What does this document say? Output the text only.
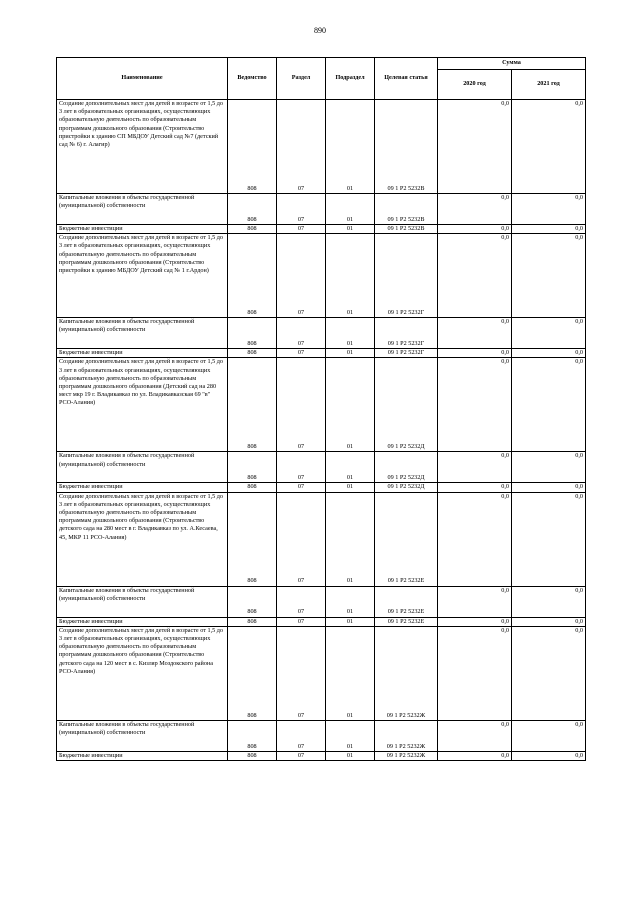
890
Наименование	Ведомство	Раздел	Подраздел	Целевая статья	Сумма	
					2020 год	2021 год
Создание дополнительных мест для детей в возрасте от 1,5 до 3 лет в образовательных организациях, осуществляющих образовательную деятельность по образовательным программам дошкольного образования (Строительство пристройки к зданию СП МБДОУ Детский сад №7 (детский сад № 6) г. Алагир)	808	07	01	09 1 P2 5232В	0,0	0,0
Капитальные вложения в объекты государственной (муниципальной) собственности	808	07	01	09 1 P2 5232В	0,0	0,0
Бюджетные инвестиции	808	07	01	09 1 P2 5232В	0,0	0,0
Создание дополнительных мест для детей в возрасте от 1,5 до 3 лет в образовательных организациях, осуществляющих образовательную деятельность по образовательным программам дошкольного образования (Строительство пристройки к зданию МБДОУ Детский сад № 1 г.Ардон)	808	07	01	09 1 P2 5232Г	0,0	0,0
Капитальные вложения в объекты государственной (муниципальной) собственности	808	07	01	09 1 P2 5232Г	0,0	0,0
Бюджетные инвестиции	808	07	01	09 1 P2 5232Г	0,0	0,0
Создание дополнительных мест для детей в возрасте от 1,5 до 3 лет в образовательных организациях, осуществляющих образовательную деятельность по образовательным программам дошкольного образования (Детский сад на 280 мест мкр 19 г. Владикавказ по ул. Владикавказская 69 "в" РСО-Алания)	808	07	01	09 1 P2 5232Д	0,0	0,0
Капитальные вложения в объекты государственной (муниципальной) собственности	808	07	01	09 1 P2 5232Д	0,0	0,0
Бюджетные инвестиции	808	07	01	09 1 P2 5232Д	0,0	0,0
Создание дополнительных мест для детей в возрасте от 1,5 до 3 лет в образовательных организациях, осуществляющих образовательную деятельность по образовательным программам дошкольного образования (Строительство детского сада на 280 мест в г. Владикавказ по ул. А.Кесаева, 45, МКР 11 РСО-Алания)	808	07	01	09 1 P2 5232Е	0,0	0,0
Капитальные вложения в объекты государственной (муниципальной) собственности	808	07	01	09 1 P2 5232Е	0,0	0,0
Бюджетные инвестиции	808	07	01	09 1 P2 5232Е	0,0	0,0
Создание дополнительных мест для детей в возрасте от 1,5 до 3 лет в образовательных организациях, осуществляющих образовательную деятельность по образовательным программам дошкольного образования (Строительство детского сада на 120 мест в с. Кизляр Моздокского района РСО-Алания)	808	07	01	09 1 P2 5232Ж	0,0	0,0
Капитальные вложения в объекты государственной (муниципальной) собственности	808	07	01	09 1 P2 5232Ж	0,0	0,0
Бюджетные инвестиции	808	07	01	09 1 P2 5232Ж	0,0	0,0
